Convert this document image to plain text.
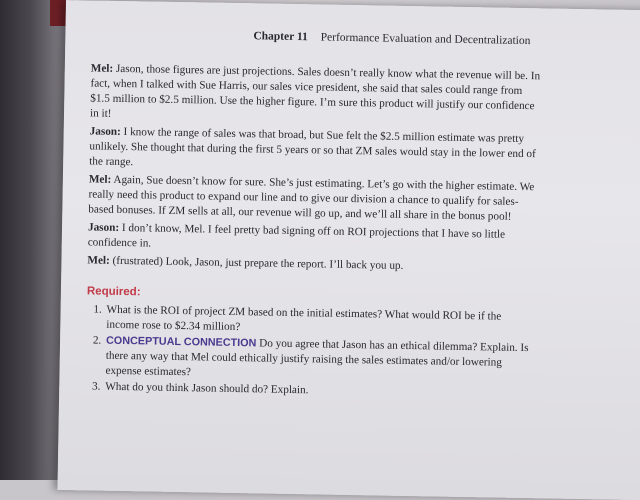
Chapter 11 Performance Evaluation and Decentralization

Mel: Jason, those figures are just projections. Sales doesn’t really know what the revenue will be. In fact, when I talked with Sue Harris, our sales vice president, she said that sales could range from $1.5 million to $2.5 million. Use the higher figure. I’m sure this product will justify our confidence in it!

Jason: I know the range of sales was that broad, but Sue felt the $2.5 million estimate was pretty unlikely. She thought that during the first 5 years or so that ZM sales would stay in the lower end of the range.

Mel: Again, Sue doesn’t know for sure. She’s just estimating. Let’s go with the higher estimate. We really need this product to expand our line and to give our division a chance to qualify for sales-based bonuses. If ZM sells at all, our revenue will go up, and we’ll all share in the bonus pool!

Jason: I don’t know, Mel. I feel pretty bad signing off on ROI projections that I have so little confidence in.

Mel: (frustrated) Look, Jason, just prepare the report. I’ll back you up.

Required:
1. What is the ROI of project ZM based on the initial estimates? What would ROI be if the income rose to $2.34 million?
2. CONCEPTUAL CONNECTION Do you agree that Jason has an ethical dilemma? Explain. Is there any way that Mel could ethically justify raising the sales estimates and/or lowering expense estimates?
3. What do you think Jason should do? Explain.
